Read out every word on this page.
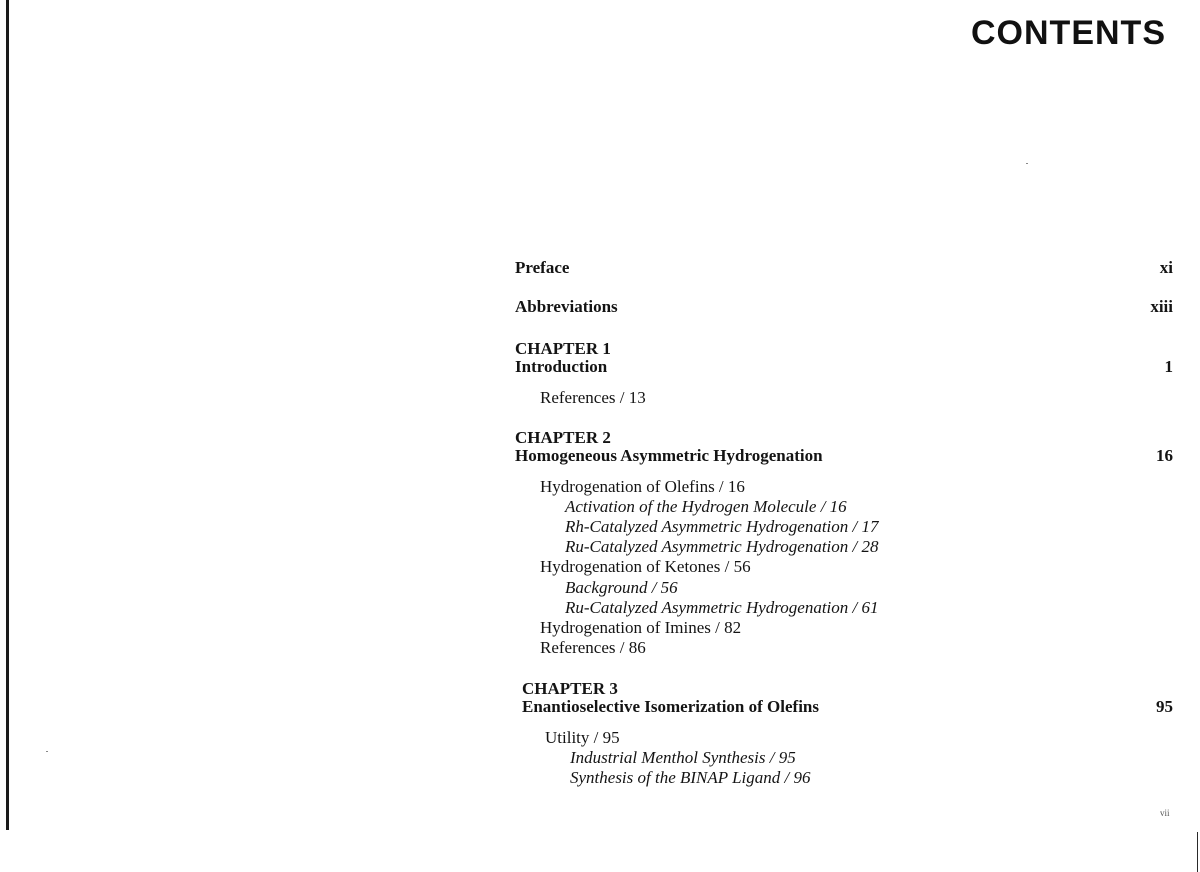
CONTENTS
Preface	xi
Abbreviations	xiii
CHAPTER 1
Introduction	1
References / 13
CHAPTER 2
Homogeneous Asymmetric Hydrogenation	16
Hydrogenation of Olefins / 16
Activation of the Hydrogen Molecule / 16
Rh-Catalyzed Asymmetric Hydrogenation / 17
Ru-Catalyzed Asymmetric Hydrogenation / 28
Hydrogenation of Ketones / 56
Background / 56
Ru-Catalyzed Asymmetric Hydrogenation / 61
Hydrogenation of Imines / 82
References / 86
CHAPTER 3
Enantioselective Isomerization of Olefins	95
Utility / 95
Industrial Menthol Synthesis / 95
Synthesis of the BINAP Ligand / 96
vii
